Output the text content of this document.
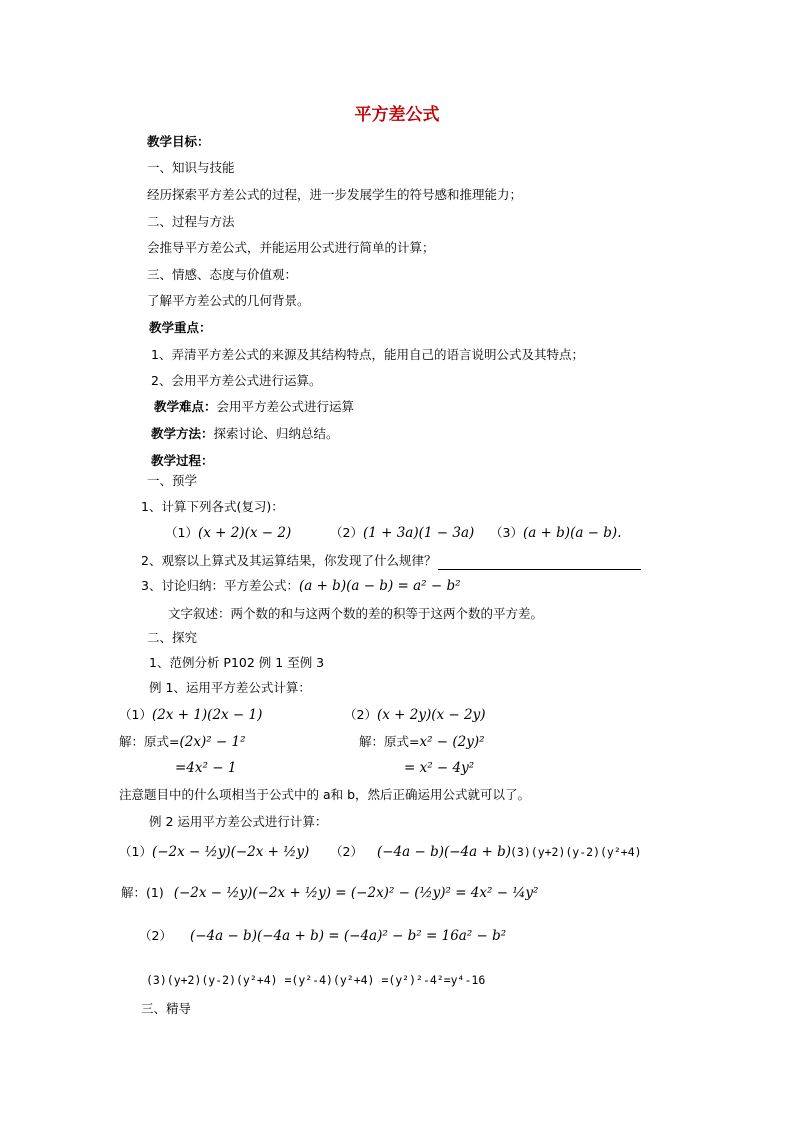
平方差公式
教学目标：
一、知识与技能
经历探索平方差公式的过程，进一步发展学生的符号感和推理能力；
二、过程与方法
会推导平方差公式，并能运用公式进行简单的计算；
三、情感、态度与价值观：
了解平方差公式的几何背景。
教学重点：
1、弄清平方差公式的来源及其结构特点，能用自己的语言说明公式及其特点；
2、会用平方差公式进行运算。
教学难点：会用平方差公式进行运算
教学方法：探索讨论、归纳总结。
教学过程：
一、预学
1、计算下列各式(复习)：
（1）(x + 2)(x − 2)	（2）(1 + 3a)(1 − 3a) （3）(a + b)(a − b).
2、观察以上算式及其运算结果，你发现了什么规律？
3、讨论归纳：平方差公式：(a + b)(a − b) = a² − b²
文字叙述：两个数的和与这两个数的差的积等于这两个数的平方差。
二、探究
1、范例分析 P102 例 1 至例 3
例 1、运用平方差公式计算：
（1）(2x + 1)(2x − 1)	（2）(x + 2y)(x − 2y)
解：原式=(2x)² − 1²	解：原式=x² − (2y)²
=4x² − 1	= x² − 4y²
注意题目中的什么项相当于公式中的 a和 b，然后正确运用公式就可以了。
例 2 运用平方差公式进行计算：
（1）(−2x − ½y)(−2x + ½y) （2） (−4a − b)(−4a + b) (3)(y+2)(y-2)(y²+4)
解：(1) (−2x − ½y)(−2x + ½y) = (−2x)² − (½y)² = 4x² − ¼y²
（2） (−4a − b)(−4a + b) = (−4a)² − b² = 16a² − b²
(3)(y+2)(y-2)(y²+4) =(y²-4)(y²+4) =(y²)²-4²=y⁴-16
三、精导
